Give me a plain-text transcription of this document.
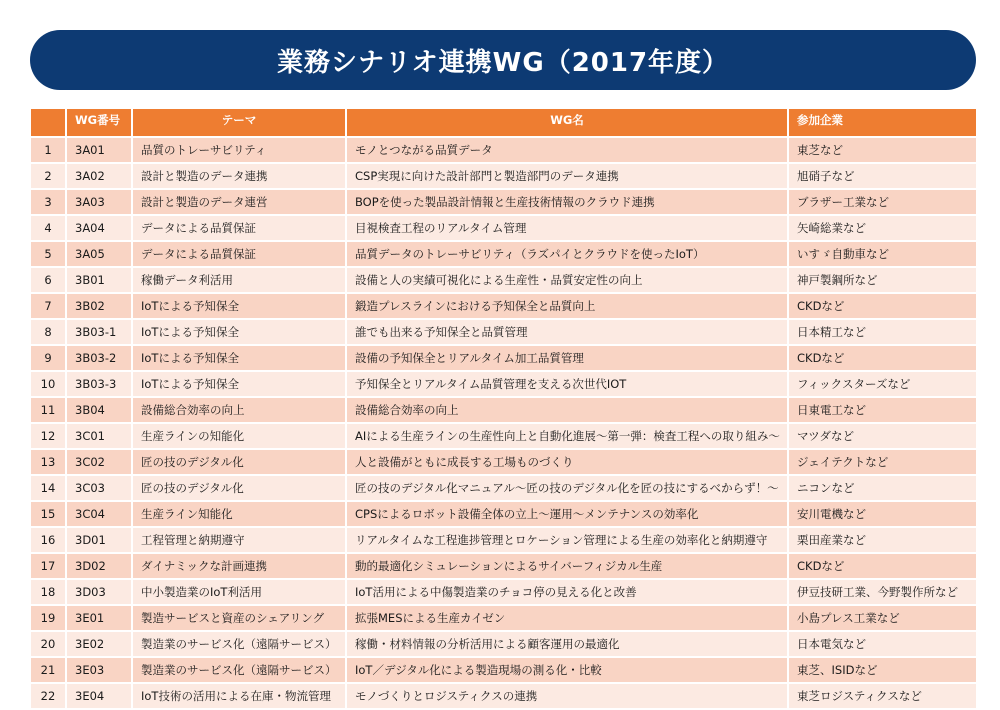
業務シナリオ連携WG（2017年度）
	WG番号	テーマ	WG名	参加企業
1	3A01	品質のトレーサビリティ	モノとつながる品質データ	東芝など
2	3A02	設計と製造のデータ連携	CSP実現に向けた設計部門と製造部門のデータ連携	旭硝子など
3	3A03	設計と製造のデータ連営	BOPを使った製品設計情報と生産技術情報のクラウド連携	ブラザー工業など
4	3A04	データによる品質保証	目視検査工程のリアルタイム管理	矢崎総業など
5	3A05	データによる品質保証	品質データのトレーサビリティ（ラズパイとクラウドを使ったIoT）	いすゞ自動車など
6	3B01	稼働データ利活用	設備と人の実績可視化による生産性・品質安定性の向上	神戸製鋼所など
7	3B02	IoTによる予知保全	鍛造プレスラインにおける予知保全と品質向上	CKDなど
8	3B03-1	IoTによる予知保全	誰でも出来る予知保全と品質管理	日本精工など
9	3B03-2	IoTによる予知保全	設備の予知保全とリアルタイム加工品質管理	CKDなど
10	3B03-3	IoTによる予知保全	予知保全とリアルタイム品質管理を支える次世代IOT	フィックスターズなど
11	3B04	設備総合効率の向上	設備総合効率の向上	日東電工など
12	3C01	生産ラインの知能化	AIによる生産ラインの生産性向上と自動化進展～第一弾：検査工程への取り組み～	マツダなど
13	3C02	匠の技のデジタル化	人と設備がともに成長する工場ものづくり	ジェイテクトなど
14	3C03	匠の技のデジタル化	匠の技のデジタル化マニュアル～匠の技のデジタル化を匠の技にするべからず！～	ニコンなど
15	3C04	生産ライン知能化	CPSによるロボット設備全体の立上～運用～メンテナンスの効率化	安川電機など
16	3D01	工程管理と納期遵守	リアルタイムな工程進捗管理とロケーション管理による生産の効率化と納期遵守	栗田産業など
17	3D02	ダイナミックな計画連携	動的最適化シミュレーションによるサイバーフィジカル生産	CKDなど
18	3D03	中小製造業のIoT利活用	IoT活用による中傷製造業のチョコ停の見える化と改善	伊豆技研工業、今野製作所など
19	3E01	製造サービスと資産のシェアリング	拡張MESによる生産カイゼン	小島プレス工業など
20	3E02	製造業のサービス化（遠隔サービス）	稼働・材料情報の分析活用による顧客運用の最適化	日本電気など
21	3E03	製造業のサービス化（遠隔サービス）	IoT／デジタル化による製造現場の測る化・比較	東芝、ISIDなど
22	3E04	IoT技術の活用による在庫・物流管理	モノづくりとロジスティクスの連携	東芝ロジスティクスなど
